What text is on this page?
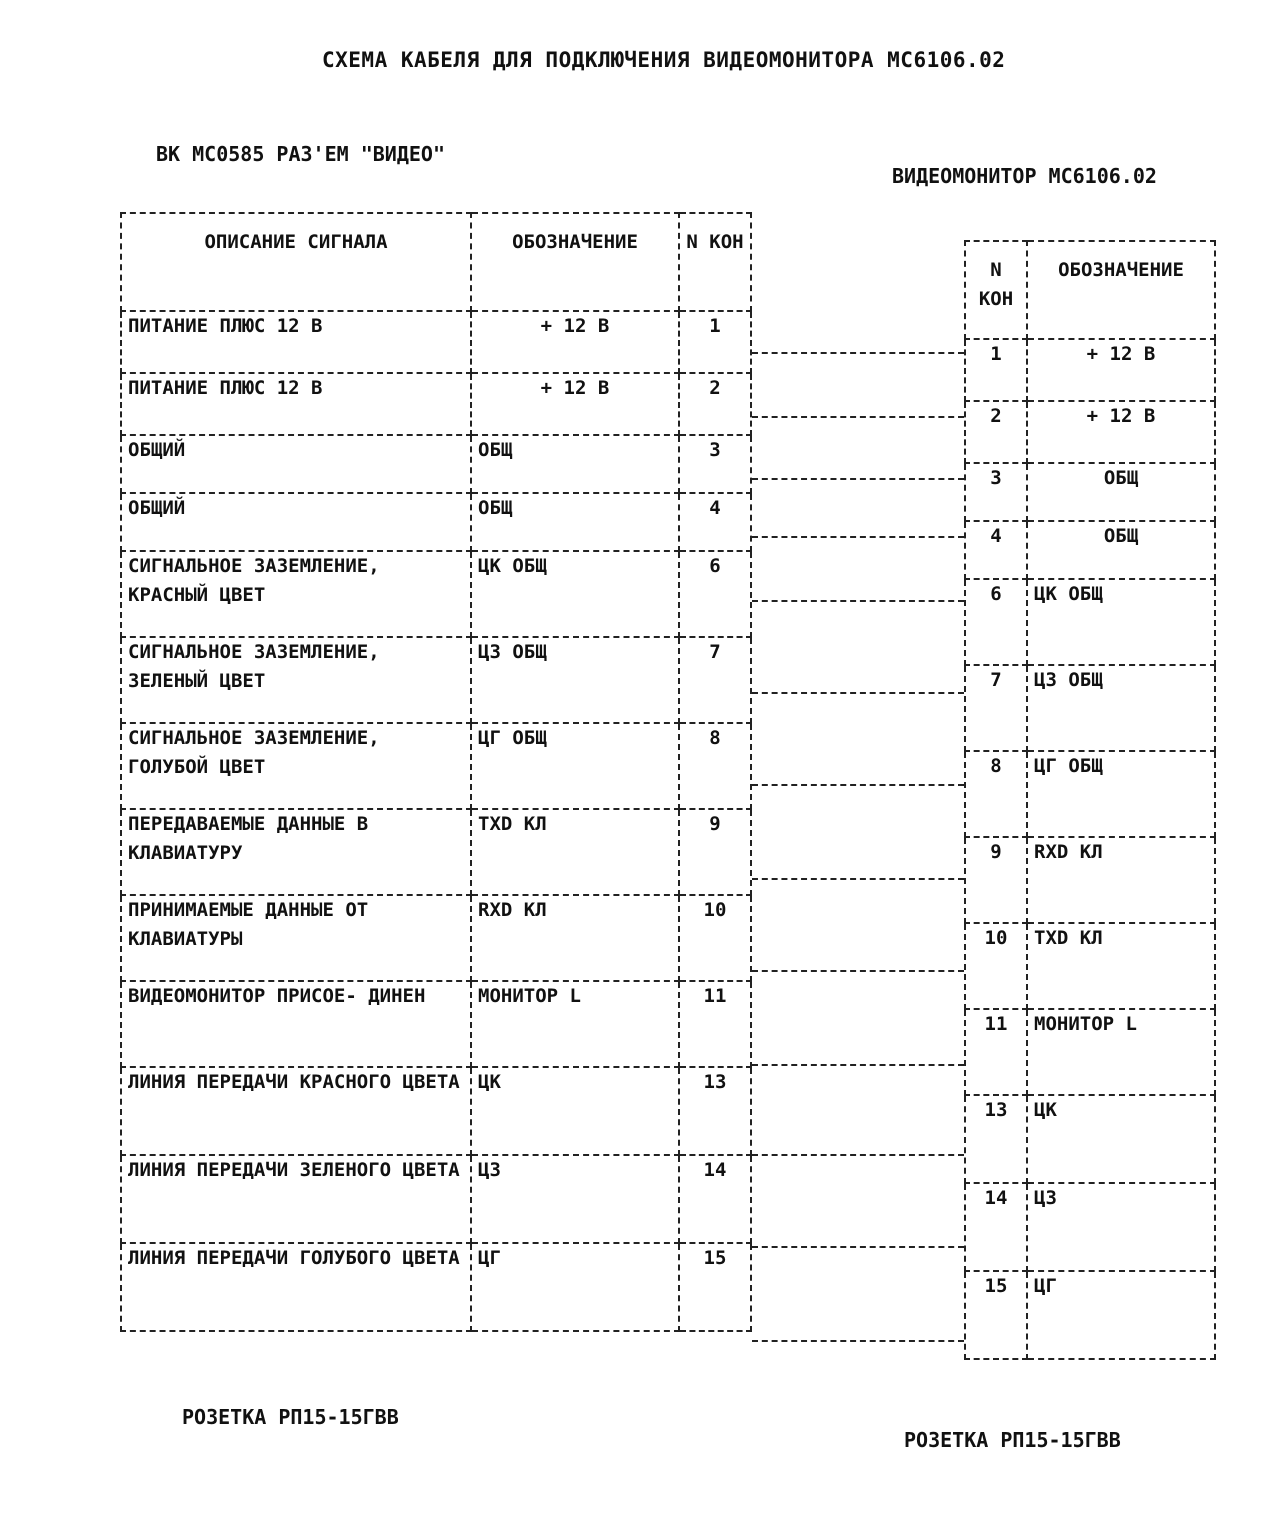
СХЕМА КАБЕЛЯ ДЛЯ ПОДКЛЮЧЕНИЯ ВИДЕОМОНИТОРА МС6106.02
ВК МС0585 РАЗ'ЕМ "ВИДЕО"
ВИДЕОМОНИТОР МС6106.02
ОПИСАНИЕ СИГНАЛА	ОБОЗНАЧЕНИЕ	N КОН
ПИТАНИЕ ПЛЮС 12 В	+ 12 В	1
ПИТАНИЕ ПЛЮС 12 В	+ 12 В	2
ОБЩИЙ	ОБЩ	3
ОБЩИЙ	ОБЩ	4
СИГНАЛЬНОЕ ЗАЗЕМЛЕНИЕ, КРАСНЫЙ ЦВЕТ	ЦК ОБЩ	6
СИГНАЛЬНОЕ ЗАЗЕМЛЕНИЕ, ЗЕЛЕНЫЙ ЦВЕТ	ЦЗ ОБЩ	7
СИГНАЛЬНОЕ ЗАЗЕМЛЕНИЕ, ГОЛУБОЙ ЦВЕТ	ЦГ ОБЩ	8
ПЕРЕДАВАЕМЫЕ ДАННЫЕ В КЛАВИАТУРУ	TXD КЛ	9
ПРИНИМАЕМЫЕ ДАННЫЕ ОТ КЛАВИАТУРЫ	RXD КЛ	10
ВИДЕОМОНИТОР ПРИСОЕ- ДИНЕН	МОНИТОР L	11
ЛИНИЯ ПЕРЕДАЧИ КРАСНОГО ЦВЕТА	ЦК	13
ЛИНИЯ ПЕРЕДАЧИ ЗЕЛЕНОГО ЦВЕТА	ЦЗ	14
ЛИНИЯ ПЕРЕДАЧИ ГОЛУБОГО ЦВЕТА	ЦГ	15
N КОН	ОБОЗНАЧЕНИЕ
1	+ 12 В
2	+ 12 В
3	ОБЩ
4	ОБЩ
6	ЦК ОБЩ
7	ЦЗ ОБЩ
8	ЦГ ОБЩ
9	RXD КЛ
10	TXD КЛ
11	МОНИТОР L
13	ЦК
14	ЦЗ
15	ЦГ
РОЗЕТКА РП15-15ГВВ
РОЗЕТКА РП15-15ГВВ
